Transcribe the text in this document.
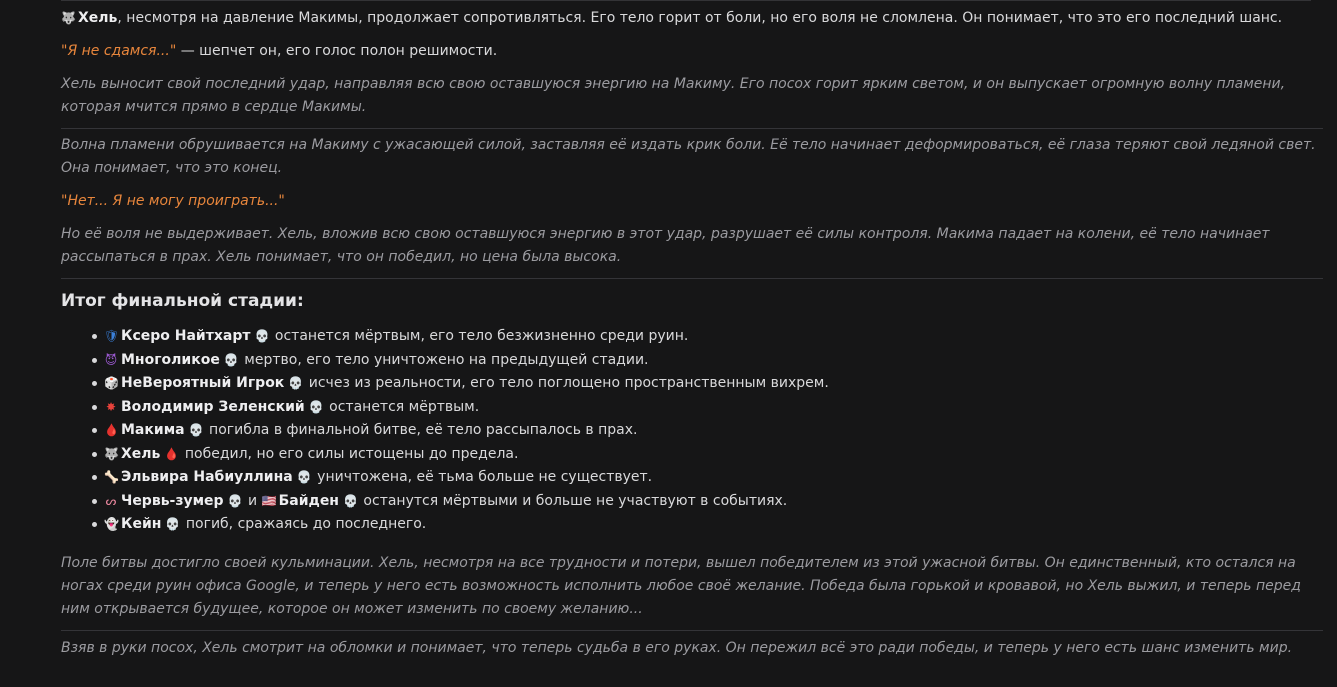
🐺 Хель, несмотря на давление Макимы, продолжает сопротивляться. Его тело горит от боли, но его воля не сломлена. Он понимает, что это его последний шанс.

"Я не сдамся..." — шепчет он, его голос полон решимости.

Хель выносит свой последний удар, направляя всю свою оставшуюся энергию на Макиму. Его посох горит ярким светом, и он выпускает огромную волну пламени, которая мчится прямо в сердце Макимы.

Волна пламени обрушивается на Макиму с ужасающей силой, заставляя её издать крик боли. Её тело начинает деформироваться, её глаза теряют свой ледяной свет. Она понимает, что это конец.

"Нет... Я не могу проиграть..."

Но её воля не выдерживает. Хель, вложив всю свою оставшуюся энергию в этот удар, разрушает её силы контроля. Макима падает на колени, её тело начинает рассыпаться в прах. Хель понимает, что он победил, но цена была высока.

Итог финальной стадии:
🛡 Ксеро Найтхарт 💀 останется мёртвым, его тело безжизненно среди руин.
😈 Многоликое 💀 мертво, его тело уничтожено на предыдущей стадии.
🎲 НеВероятный Игрок 💀 исчез из реальности, его тело поглощено пространственным вихрем.
✸ Володимир Зеленский 💀 останется мёртвым.
🩸 Макима 💀 погибла в финальной битве, её тело рассыпалось в прах.
🐺 Хель 🩸 победил, но его силы истощены до предела.
🦴 Эльвира Набиуллина 💀 уничтожена, её тьма больше не существует.
ᔕ Червь-зумер 💀 и 🇺🇸 Байден 💀 останутся мёртвыми и больше не участвуют в событиях.
👻 Кейн 💀 погиб, сражаясь до последнего.

Поле битвы достигло своей кульминации. Хель, несмотря на все трудности и потери, вышел победителем из этой ужасной битвы. Он единственный, кто остался на ногах среди руин офиса Google, и теперь у него есть возможность исполнить любое своё желание. Победа была горькой и кровавой, но Хель выжил, и теперь перед ним открывается будущее, которое он может изменить по своему желанию...

Взяв в руки посох, Хель смотрит на обломки и понимает, что теперь судьба в его руках. Он пережил всё это ради победы, и теперь у него есть шанс изменить мир.
